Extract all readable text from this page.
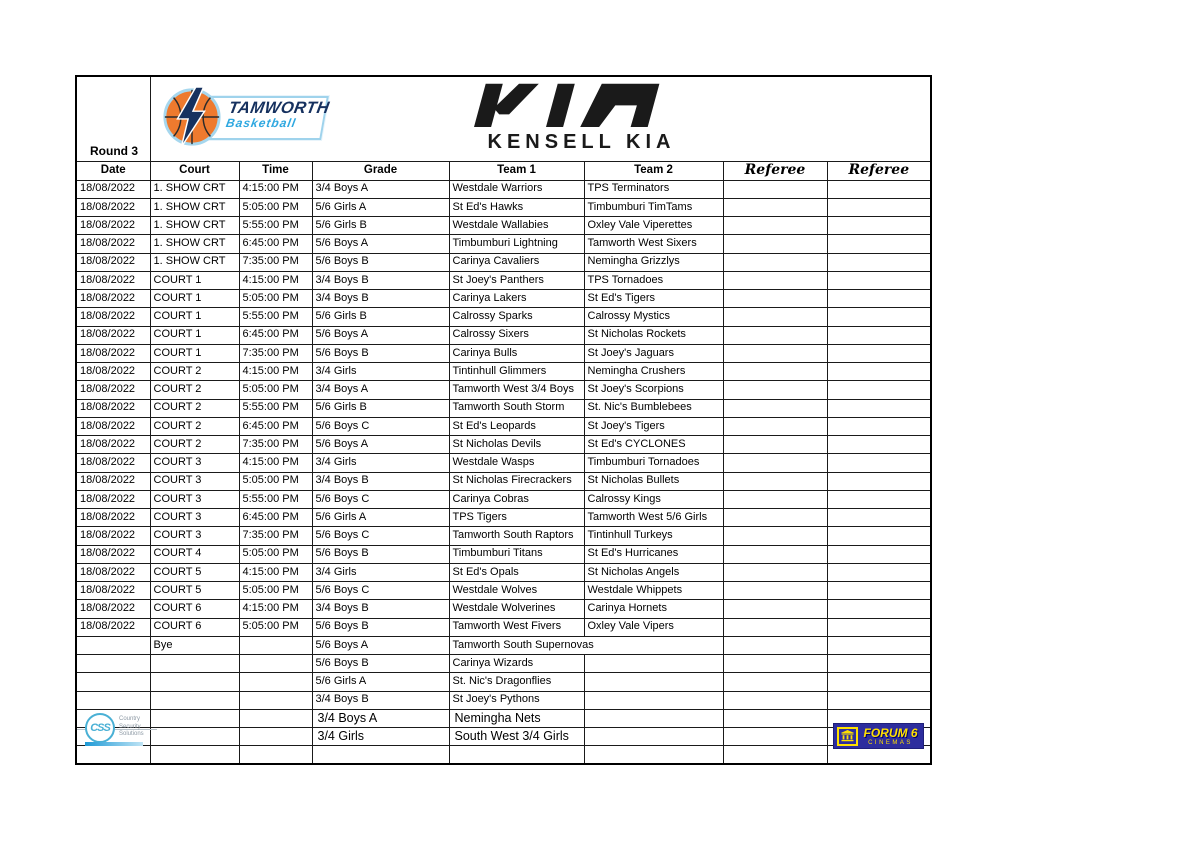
Round 3	TAMWORTH
Basketball
KENSELL KIA						

Date	Court	Time	Grade	Team 1	Team 2	Referee	Referee
18/08/2022	1. SHOW CRT	4:15:00 PM	3/4 Boys A	Westdale Warriors	TPS Terminators		
18/08/2022	1. SHOW CRT	5:05:00 PM	5/6 Girls A	St Ed's Hawks	Timbumburi TimTams		
18/08/2022	1. SHOW CRT	5:55:00 PM	5/6 Girls B	Westdale Wallabies	Oxley Vale Viperettes		
18/08/2022	1. SHOW CRT	6:45:00 PM	5/6 Boys A	Timbumburi Lightning	Tamworth West Sixers		
18/08/2022	1. SHOW CRT	7:35:00 PM	5/6 Boys B	Carinya Cavaliers	Nemingha Grizzlys		
18/08/2022	COURT 1	4:15:00 PM	3/4 Boys B	St Joey's Panthers	TPS Tornadoes		
18/08/2022	COURT 1	5:05:00 PM	3/4 Boys B	Carinya Lakers	St Ed's Tigers		
18/08/2022	COURT 1	5:55:00 PM	5/6 Girls B	Calrossy Sparks	Calrossy Mystics		
18/08/2022	COURT 1	6:45:00 PM	5/6 Boys A	Calrossy Sixers	St Nicholas Rockets		
18/08/2022	COURT 1	7:35:00 PM	5/6 Boys B	Carinya Bulls	St Joey's Jaguars		
18/08/2022	COURT 2	4:15:00 PM	3/4 Girls	Tintinhull Glimmers	Nemingha Crushers		
18/08/2022	COURT 2	5:05:00 PM	3/4 Boys A	Tamworth West 3/4 Boys	St Joey's Scorpions		
18/08/2022	COURT 2	5:55:00 PM	5/6 Girls B	Tamworth South Storm	St. Nic's Bumblebees		
18/08/2022	COURT 2	6:45:00 PM	5/6 Boys C	St Ed's Leopards	St Joey's Tigers		
18/08/2022	COURT 2	7:35:00 PM	5/6 Boys A	St Nicholas Devils	St Ed's CYCLONES		
18/08/2022	COURT 3	4:15:00 PM	3/4 Girls	Westdale Wasps	Timbumburi Tornadoes		
18/08/2022	COURT 3	5:05:00 PM	3/4 Boys B	St Nicholas Firecrackers	St Nicholas Bullets		
18/08/2022	COURT 3	5:55:00 PM	5/6 Boys C	Carinya Cobras	Calrossy Kings		
18/08/2022	COURT 3	6:45:00 PM	5/6 Girls A	TPS Tigers	Tamworth West 5/6 Girls		
18/08/2022	COURT 3	7:35:00 PM	5/6 Boys C	Tamworth South Raptors	Tintinhull Turkeys		
18/08/2022	COURT 4	5:05:00 PM	5/6 Boys B	Timbumburi Titans	St Ed's Hurricanes		
18/08/2022	COURT 5	4:15:00 PM	3/4 Girls	St Ed's Opals	St Nicholas Angels		
18/08/2022	COURT 5	5:05:00 PM	5/6 Boys C	Westdale Wolves	Westdale Whippets		
18/08/2022	COURT 6	4:15:00 PM	3/4 Boys B	Westdale Wolverines	Carinya Hornets		
18/08/2022	COURT 6	5:05:00 PM	5/6 Boys B	Tamworth West Fivers	Oxley Vale Vipers		
	Bye		5/6 Boys A	Tamworth South Supernovas			
			5/6 Boys B	Carinya Wizards			
			5/6 Girls A	St. Nic's Dragonflies			
			3/4 Boys B	St Joey's Pythons			
			3/4 Boys A	Nemingha Nets			
			3/4 Girls	South West 3/4 Girls			

CSS
Country
Security
Solutions	FORUM 6
CINEMAS
